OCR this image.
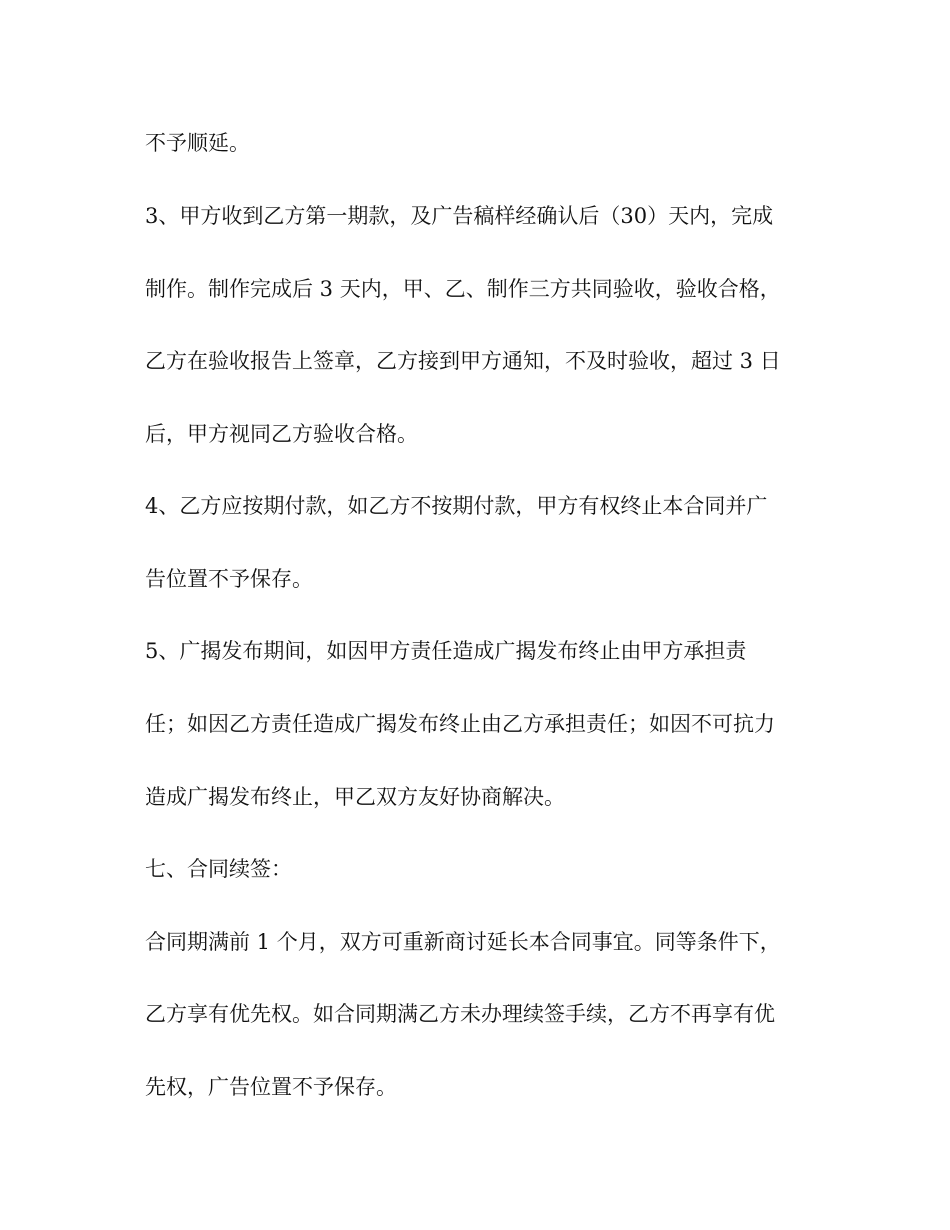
不予顺延。

3、甲方收到乙方第一期款，及广告稿样经确认后（30）天内，完成

制作。制作完成后 3 天内，甲、乙、制作三方共同验收，验收合格，

乙方在验收报告上签章，乙方接到甲方通知，不及时验收，超过 3 日

后，甲方视同乙方验收合格。

4、乙方应按期付款，如乙方不按期付款，甲方有权终止本合同并广

告位置不予保存。

5、广揭发布期间，如因甲方责任造成广揭发布终止由甲方承担责

任；如因乙方责任造成广揭发布终止由乙方承担责任；如因不可抗力

造成广揭发布终止，甲乙双方友好协商解决。

七、合同续签：

合同期满前 1 个月，双方可重新商讨延长本合同事宜。同等条件下，

乙方享有优先权。如合同期满乙方未办理续签手续，乙方不再享有优

先权，广告位置不予保存。
